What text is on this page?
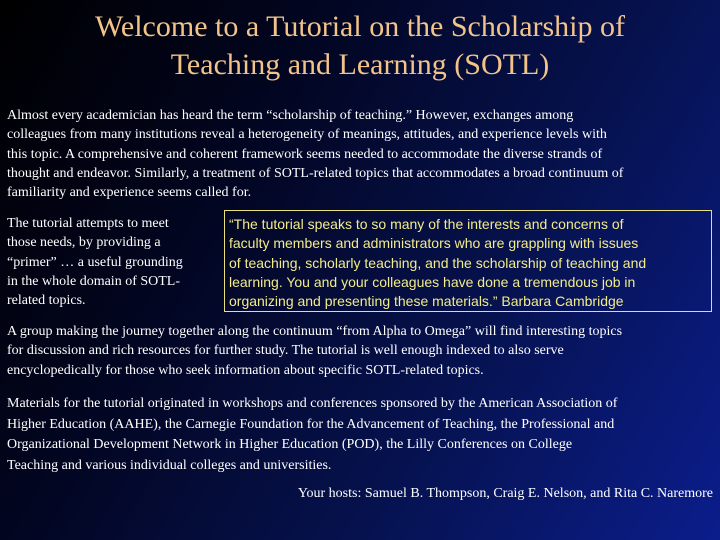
Welcome to a Tutorial on the Scholarship of
Teaching and Learning (SOTL)
Almost every academician has heard the term “scholarship of teaching.” However, exchanges among
colleagues from many institutions reveal a heterogeneity of meanings, attitudes, and experience levels with
this topic. A comprehensive and coherent framework seems needed to accommodate the diverse strands of
thought and endeavor. Similarly, a treatment of SOTL-related topics that accommodates a broad continuum of
familiarity and experience seems called for.
The tutorial attempts to meet
those needs, by providing a
“primer” … a useful grounding
in the whole domain of SOTL-
related topics.
“The tutorial speaks to so many of the interests and concerns of
faculty members and administrators who are grappling with issues
of teaching, scholarly teaching, and the scholarship of teaching and
learning. You and your colleagues have done a tremendous job in
organizing and presenting these materials.” Barbara Cambridge
A group making the journey together along the continuum “from Alpha to Omega” will find interesting topics
for discussion and rich resources for further study. The tutorial is well enough indexed to also serve
encyclopedically for those who seek information about specific SOTL-related topics.
Materials for the tutorial originated in workshops and conferences sponsored by the American Association of
Higher Education (AAHE), the Carnegie Foundation for the Advancement of Teaching, the Professional and
Organizational Development Network in Higher Education (POD), the Lilly Conferences on College
Teaching and various individual colleges and universities.
Your hosts: Samuel B. Thompson, Craig E. Nelson, and Rita C. Naremore
